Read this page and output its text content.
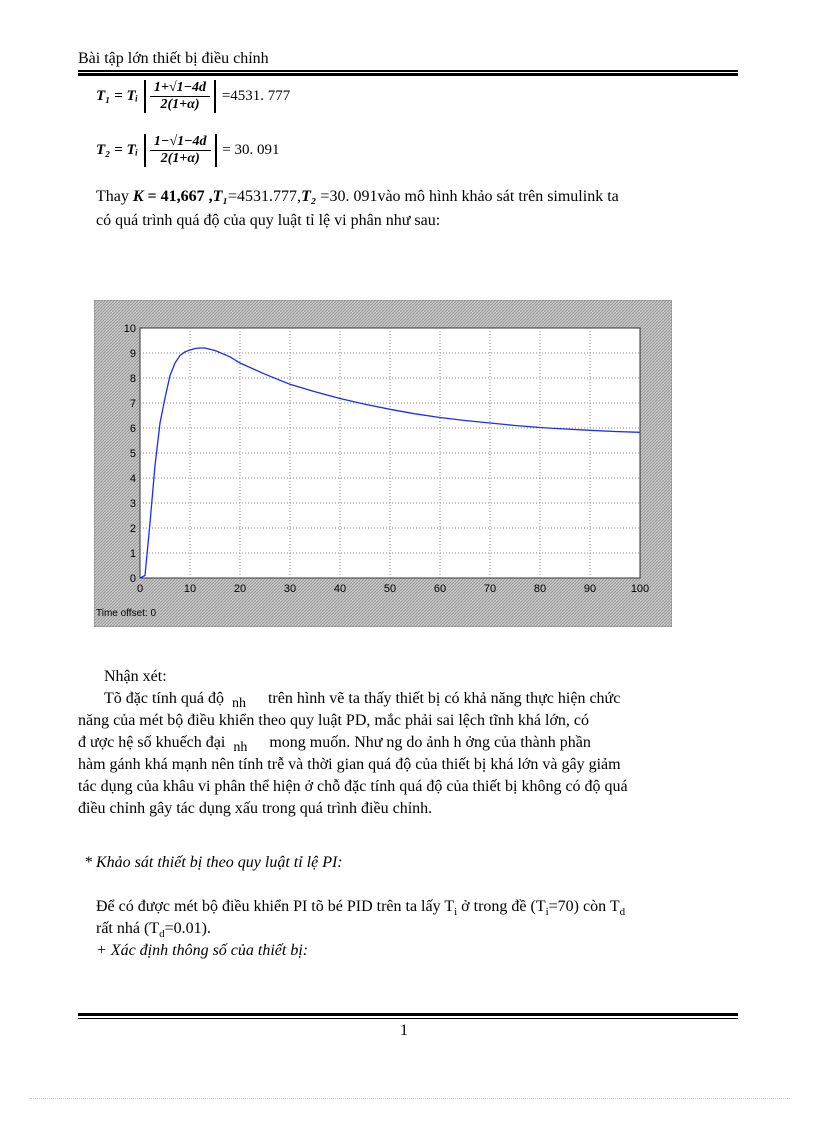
Bài tập lớn thiết bị điều chỉnh
T₁ = Tᵢ $\frac{1+√1-4d}{2(1+\alpha)} =4531$. 777
T₂ = Tᵢ $\frac{1-√1-4d}{2(1+\alpha)} = 30$. 091
Thay K = 41,667 ,T₁=4531.777,T₂ =30. 091vào mô hình khảo sát trên simulink ta
có quá trình quá độ của quy luật tỉ lệ vi phân như sau:
0	10	20	30	40	50	60	70	80	90	100
0
1
2
3
4
5
6
7
8
9
10
Time offset: 0
Nhận xét:
Tõ đặc tính quá độ $_{nh}$ trên hình vẽ ta thấy thiết bị có khả năng thực hiện chức
năng của mét bộ điều khiển theo quy luật PD, mắc phải sai lệch tĩnh khá lớn, có
đ ược hệ số khuếch đại $_{nh}$ mong muốn. Như ng do ảnh h ởng của thành phần
hàm gánh khá mạnh nên tính trễ và thời gian quá độ của thiết bị khá lớn và gây giảm
tác dụng của khâu vi phân thể hiện ở chỗ đặc tính quá độ của thiết bị không có độ quá
điều chỉnh gây tác dụng xấu trong quá trình điều chỉnh.
* Khảo sát thiết bị theo quy luật tỉ lệ PI:
Để có được mét bộ điều khiển PI tõ bé PID trên ta lấy $T_i$ ở trong đề $(T_i=70)$ còn $T_d$
rất nhá $(T_d=0.01)$.
+ Xác định thông số của thiết bị:
1
